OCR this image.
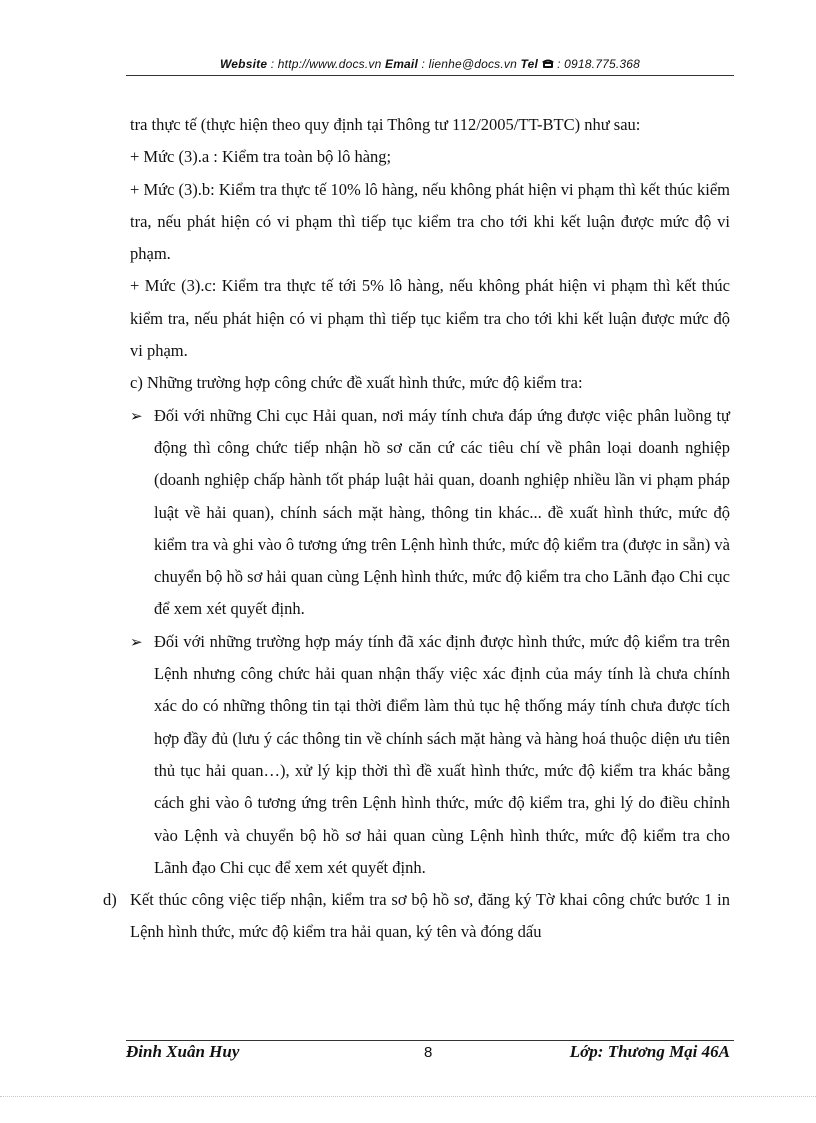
Website : http://www.docs.vn Email : lienhe@docs.vn Tel  : 0918.775.368

tra thực tế (thực hiện theo quy định tại Thông tư 112/2005/TT-BTC) như sau:

+ Mức (3).a : Kiểm tra toàn bộ lô hàng;

+ Mức (3).b: Kiểm tra thực tế 10% lô hàng, nếu không phát hiện vi phạm thì kết thúc kiểm tra, nếu phát hiện có vi phạm thì tiếp tục kiểm tra cho tới khi kết luận được mức độ vi phạm.

+ Mức (3).c: Kiểm tra thực tế tới 5% lô hàng, nếu không phát hiện vi phạm thì kết thúc kiểm tra, nếu phát hiện có vi phạm thì tiếp tục kiểm tra cho tới khi kết luận được mức độ vi phạm.

c) Những trường hợp công chức đề xuất hình thức, mức độ kiểm tra:

➢ Đối với những Chi cục Hải quan, nơi máy tính chưa đáp ứng được việc phân luồng tự động thì công chức tiếp nhận hồ sơ căn cứ các tiêu chí về phân loại doanh nghiệp (doanh nghiệp chấp hành tốt pháp luật hải quan, doanh nghiệp nhiều lần vi phạm pháp luật về hải quan), chính sách mặt hàng, thông tin khác... đề xuất hình thức, mức độ kiểm tra và ghi vào ô tương ứng trên Lệnh hình thức, mức độ kiểm tra (được in sẵn) và chuyển bộ hồ sơ hải quan cùng Lệnh hình thức, mức độ kiểm tra cho Lãnh đạo Chi cục để xem xét quyết định.
➢ Đối với những trường hợp máy tính đã xác định được hình thức, mức độ kiểm tra trên Lệnh nhưng công chức hải quan nhận thấy việc xác định của máy tính là chưa chính xác do có những thông tin tại thời điểm làm thủ tục hệ thống máy tính chưa được tích hợp đầy đủ (lưu ý các thông tin về chính sách mặt hàng và hàng hoá thuộc diện ưu tiên thủ tục hải quan…), xử lý kịp thời thì đề xuất hình thức, mức độ kiểm tra khác bằng cách ghi vào ô tương ứng trên Lệnh hình thức, mức độ kiểm tra, ghi lý do điều chỉnh vào Lệnh và chuyển bộ hồ sơ hải quan cùng Lệnh hình thức, mức độ kiểm tra cho Lãnh đạo Chi cục để xem xét quyết định.
d) Kết thúc công việc tiếp nhận, kiểm tra sơ bộ hồ sơ, đăng ký Tờ khai công chức bước 1 in Lệnh hình thức, mức độ kiểm tra hải quan, ký tên và đóng dấu
Đinh Xuân Huy	8	Lớp: Thương Mại 46A
